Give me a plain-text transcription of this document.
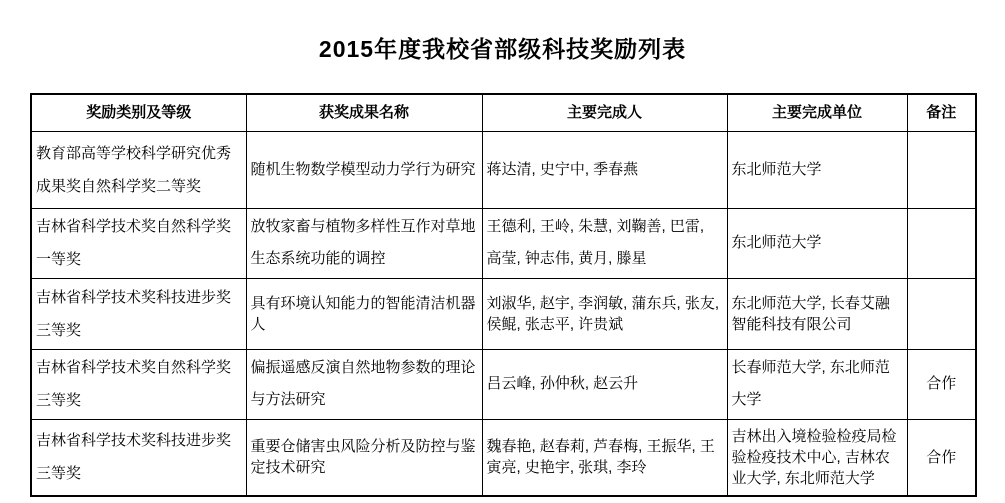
2015年度我校省部级科技奖励列表
奖励类别及等级	获奖成果名称	主要完成人	主要完成单位	备注
教育部高等学校科学研究优秀成果奖自然科学奖二等奖	随机生物数学模型动力学行为研究	蒋达清, 史宁中, 季春燕	东北师范大学	
吉林省科学技术奖自然科学奖一等奖	放牧家畜与植物多样性互作对草地生态系统功能的调控	王德利, 王岭, 朱慧, 刘鞠善, 巴雷, 高莹, 钟志伟, 黄月, 滕星	东北师范大学	
吉林省科学技术奖科技进步奖三等奖	具有环境认知能力的智能清洁机器人	刘淑华, 赵宇, 李润敏, 蒲东兵, 张友, 侯鲲, 张志平, 许贵斌	东北师范大学, 长春艾融智能科技有限公司	
吉林省科学技术奖自然科学奖三等奖	偏振遥感反演自然地物参数的理论与方法研究	吕云峰, 孙仲秋, 赵云升	长春师范大学, 东北师范大学	合作
吉林省科学技术奖科技进步奖三等奖	重要仓储害虫风险分析及防控与鉴定技术研究	魏春艳, 赵春莉, 芦春梅, 王振华, 王寅亮, 史艳宇, 张琪, 李玲	吉林出入境检验检疫局检验检疫技术中心, 吉林农业大学, 东北师范大学	合作
